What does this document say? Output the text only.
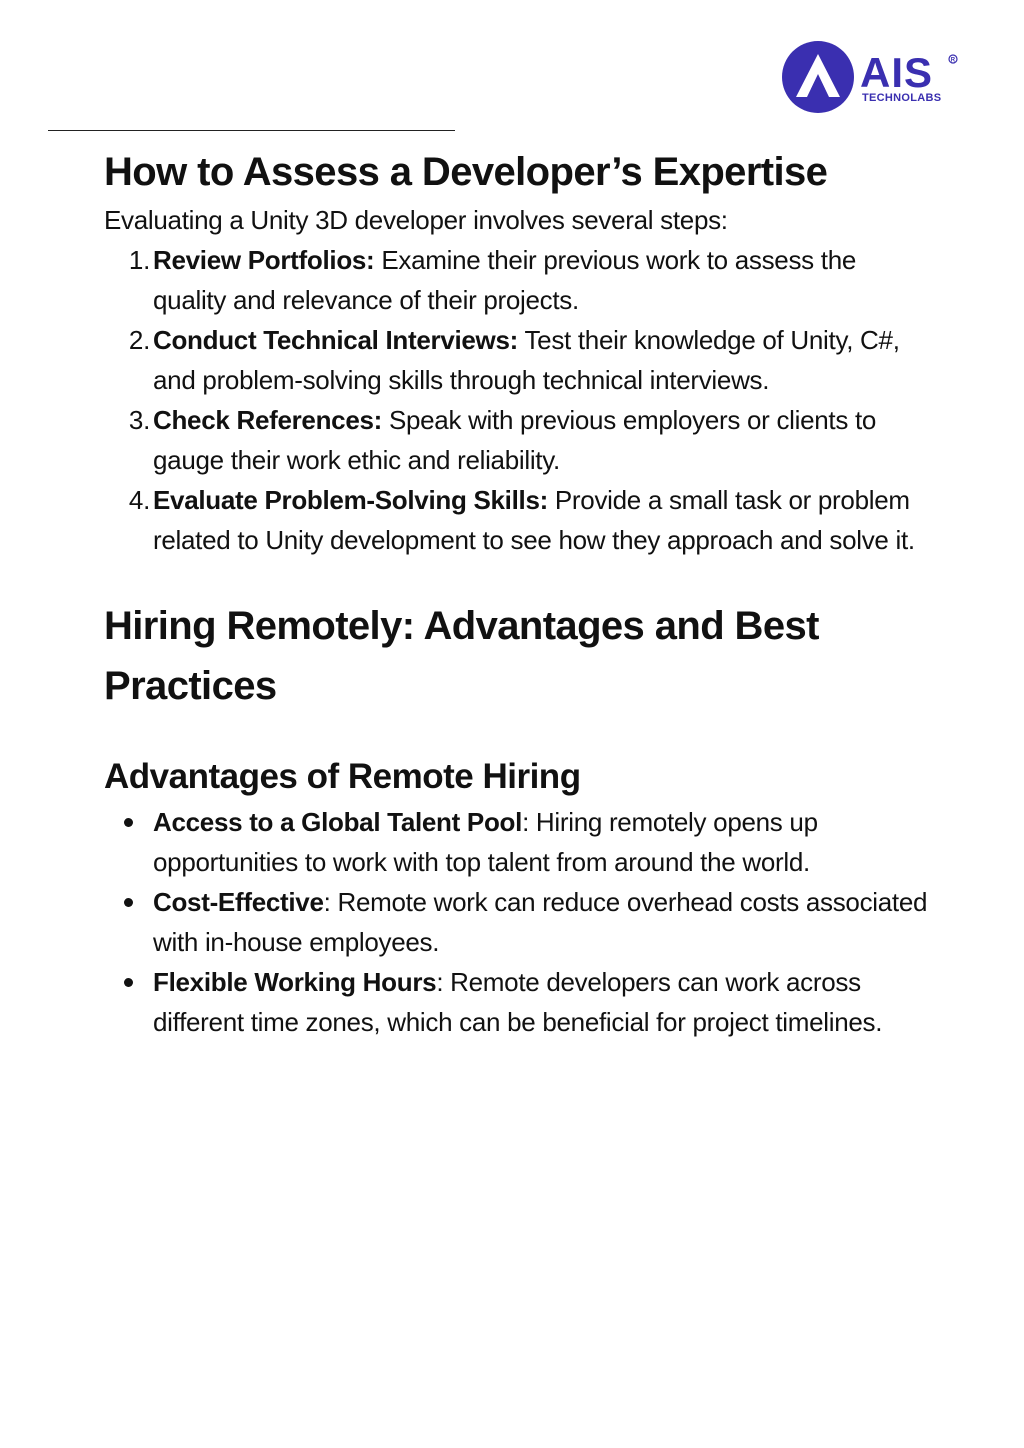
AIS
TECHNOLABS
R
How to Assess a Developer’s Expertise

Evaluating a Unity 3D developer involves several steps:

1. Review Portfolios: Examine their previous work to assess the quality and relevance of their projects.
2. Conduct Technical Interviews: Test their knowledge of Unity, C#, and problem-solving skills through technical interviews.
3. Check References: Speak with previous employers or clients to gauge their work ethic and reliability.
4. Evaluate Problem-Solving Skills: Provide a small task or problem related to Unity development to see how they approach and solve it.
Hiring Remotely: Advantages and Best Practices
Advantages of Remote Hiring
Access to a Global Talent Pool: Hiring remotely opens up opportunities to work with top talent from around the world.
Cost-Effective: Remote work can reduce overhead costs associated with in-house employees.
Flexible Working Hours: Remote developers can work across different time zones, which can be beneficial for project timelines.
